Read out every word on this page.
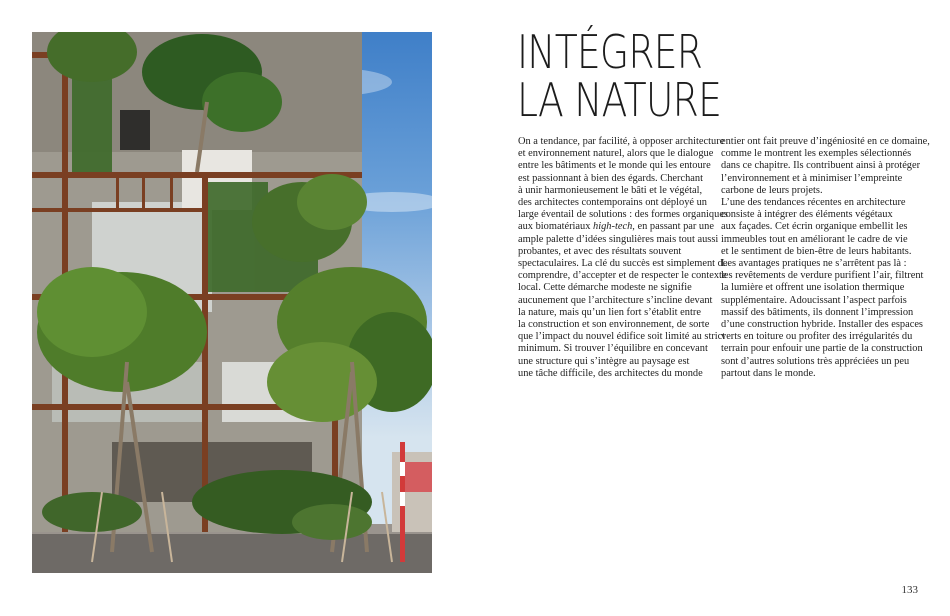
INTÉGRER
LA NATURE
On a tendance, par facilité, à opposer architecture
et environnement naturel, alors que le dialogue
entre les bâtiments et le monde qui les entoure
est passionnant à bien des égards. Cherchant
à unir harmonieusement le bâti et le végétal,
des architectes contemporains ont déployé un
large éventail de solutions : des formes organiques
aux biomatériaux high-tech, en passant par une
ample palette d’idées singulières mais tout aussi
probantes, et avec des résultats souvent
spectaculaires. La clé du succès est simplement de
comprendre, d’accepter et de respecter le contexte
local. Cette démarche modeste ne signifie
aucunement que l’architecture s’incline devant
la nature, mais qu’un lien fort s’établit entre
la construction et son environnement, de sorte
que l’impact du nouvel édifice soit limité au strict
minimum. Si trouver l’équilibre en concevant
une structure qui s’intègre au paysage est
une tâche difficile, des architectes du monde
entier ont fait preuve d’ingéniosité en ce domaine,
comme le montrent les exemples sélectionnés
dans ce chapitre. Ils contribuent ainsi à protéger
l’environnement et à minimiser l’empreinte
carbone de leurs projets.
L’une des tendances récentes en architecture
consiste à intégrer des éléments végétaux
aux façades. Cet écrin organique embellit les
immeubles tout en améliorant le cadre de vie
et le sentiment de bien-être de leurs habitants.
Les avantages pratiques ne s’arrêtent pas là :
les revêtements de verdure purifient l’air, filtrent
la lumière et offrent une isolation thermique
supplémentaire. Adoucissant l’aspect parfois
massif des bâtiments, ils donnent l’impression
d’une construction hybride. Installer des espaces
verts en toiture ou profiter des irrégularités du
terrain pour enfouir une partie de la construction
sont d’autres solutions très appréciées un peu
partout dans le monde.
133
